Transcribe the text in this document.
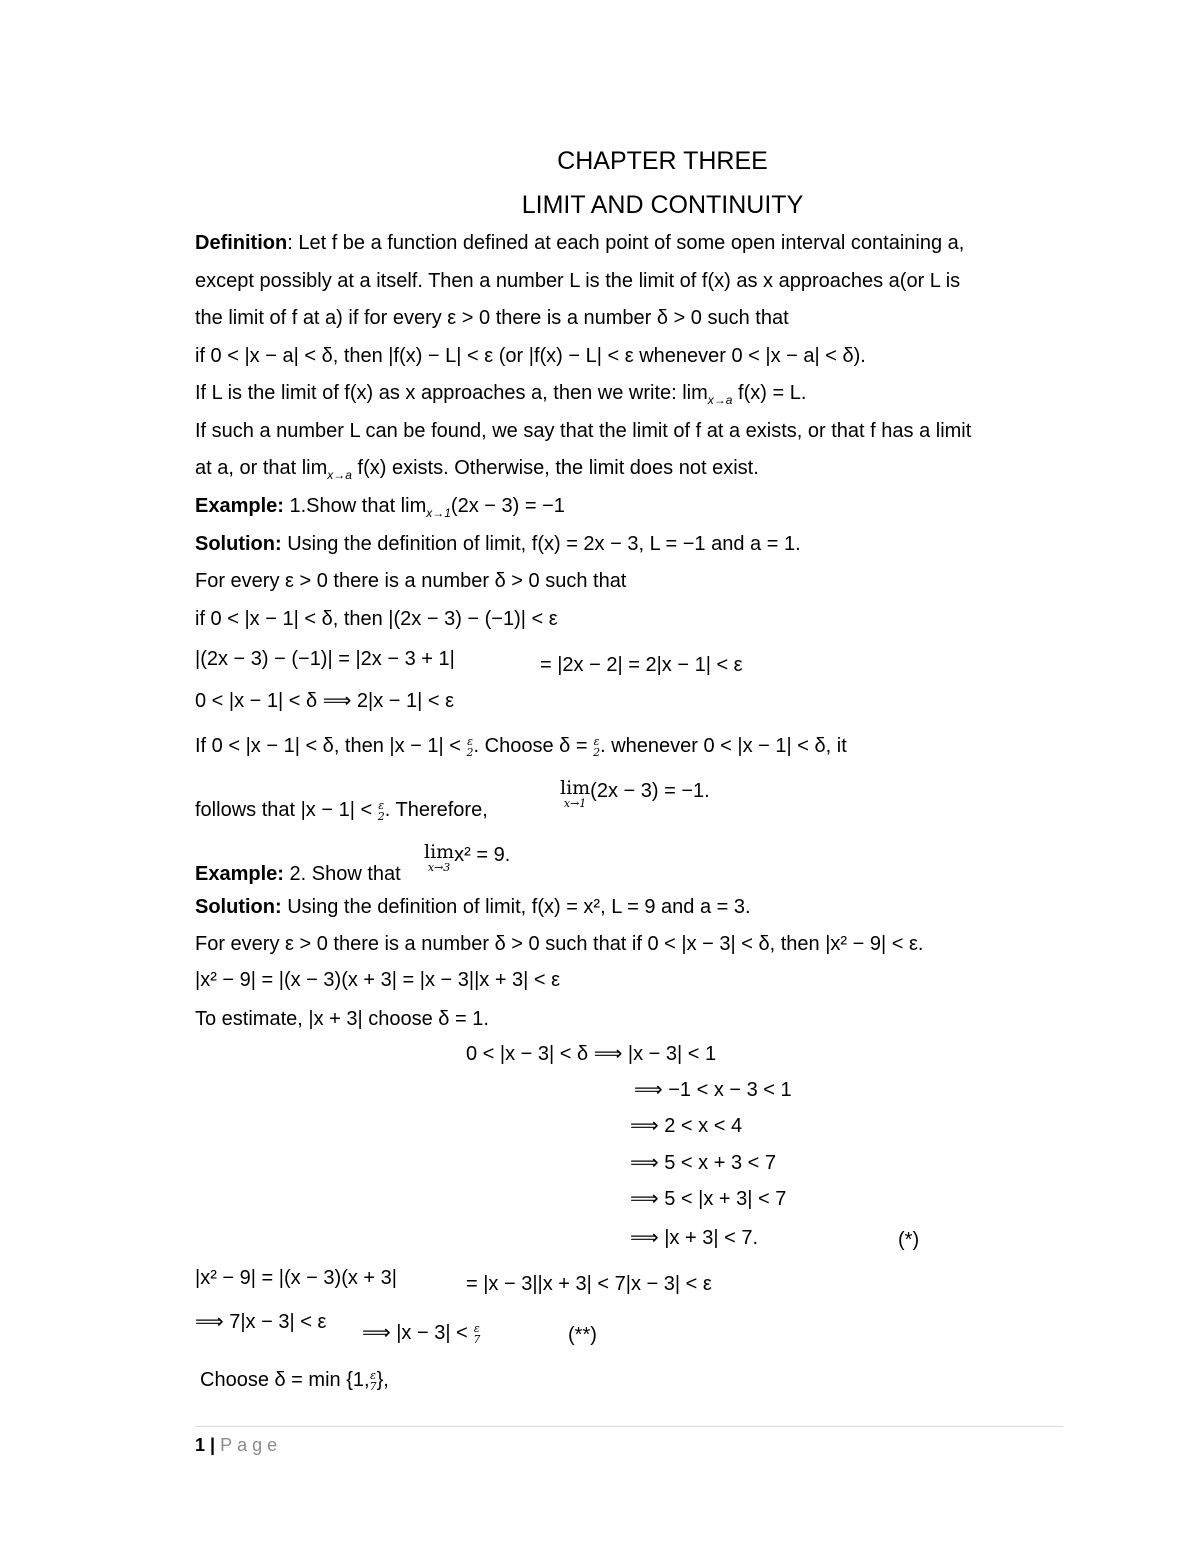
CHAPTER THREE
LIMIT AND CONTINUITY
Definition: Let f be a function defined at each point of some open interval containing a,
except possibly at a itself. Then a number L is the limit of f(x) as x approaches a(or L is
the limit of f at a) if for every ε > 0 there is a number δ > 0 such that
if 0 < |x − a| < δ, then |f(x) − L| < ε (or |f(x) − L| < ε whenever 0 < |x − a| < δ).
If L is the limit of f(x) as x approaches a, then we write: $\lim_{x\to a} f(x) = L$.
If such a number L can be found, we say that the limit of f at a exists, or that f has a limit
at a, or that $\lim_{x\to a} f(x)$ exists. Otherwise, the limit does not exist.
Example: 1.Show that $\lim_{x\to 1}(2x - 3) = -1$
Solution: Using the definition of limit, f(x) = 2x − 3, L = −1 and a = 1.
For every ε > 0 there is a number δ > 0 such that
if 0 < |x − 1| < δ, then |(2x − 3) − (−1)| < ε
|(2x − 3) − (−1)| = |2x − 3 + 1|	= |2x − 2| = 2|x − 1| < ε
0 < |x − 1| < δ ⟹ 2|x − 1| < ε
If 0 < |x − 1| < δ, then |x − 1| < ε
2 . Choose δ = ε
2 . whenever 0 < |x − 1| < δ, it
lim
x→1
(2x − 3) = −1.
follows that |x − 1| < ε
2 . Therefore,
lim
x→3
x² = 9.
Example: 2. Show that
Solution: Using the definition of limit, f(x) = x², L = 9 and a = 3.
For every ε > 0 there is a number δ > 0 such that if 0 < |x − 3| < δ, then |x² − 9| < ε.
|x² − 9| = |(x − 3)(x + 3| = |x − 3||x + 3| < ε
To estimate, |x + 3| choose δ = 1.
0 < |x − 3| < δ ⟹ |x − 3| < 1
⟹ −1 < x − 3 < 1
⟹ 2 < x < 4
⟹ 5 < x + 3 < 7
⟹ 5 < |x + 3| < 7
⟹ |x + 3| < 7.	(*)
|x² − 9| = |(x − 3)(x + 3|	= |x − 3||x + 3| < 7|x − 3| < ε
⟹ 7|x − 3| < ε ⟹ |x − 3| < ε
7	(**)
Choose δ = min {1, ε
7 },
1 | Page
